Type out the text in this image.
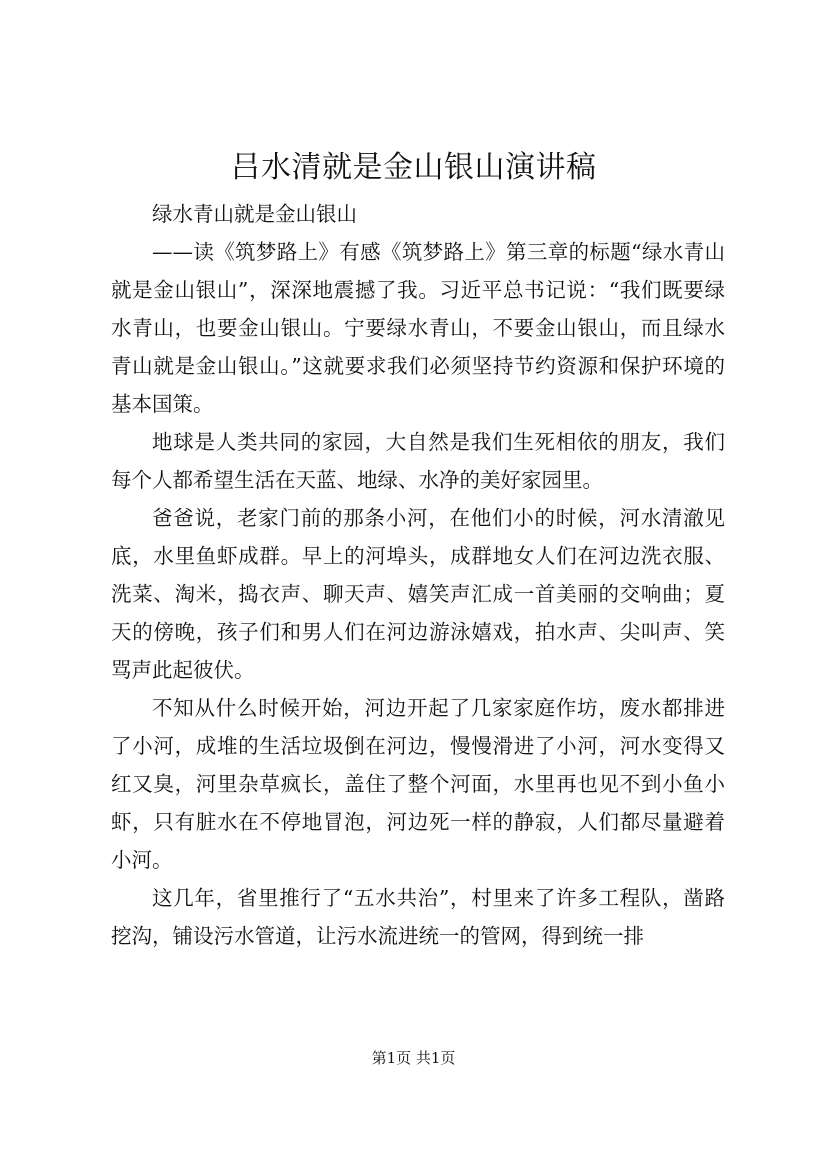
吕水清就是金山银山演讲稿

绿水青山就是金山银山

——读《筑梦路上》有感《筑梦路上》第三章的标题“绿水青山就是金山银山”，深深地震撼了我。习近平总书记说：“我们既要绿水青山，也要金山银山。宁要绿水青山，不要金山银山，而且绿水青山就是金山银山。”这就要求我们必须坚持节约资源和保护环境的基本国策。

地球是人类共同的家园，大自然是我们生死相依的朋友，我们每个人都希望生活在天蓝、地绿、水净的美好家园里。

爸爸说，老家门前的那条小河，在他们小的时候，河水清澈见底，水里鱼虾成群。早上的河埠头，成群地女人们在河边洗衣服、洗菜、淘米，捣衣声、聊天声、嬉笑声汇成一首美丽的交响曲；夏天的傍晚，孩子们和男人们在河边游泳嬉戏，拍水声、尖叫声、笑骂声此起彼伏。

不知从什么时候开始，河边开起了几家家庭作坊，废水都排进了小河，成堆的生活垃圾倒在河边，慢慢滑进了小河，河水变得又红又臭，河里杂草疯长，盖住了整个河面，水里再也见不到小鱼小虾，只有脏水在不停地冒泡，河边死一样的静寂，人们都尽量避着小河。

这几年，省里推行了“五水共治”，村里来了许多工程队，凿路挖沟，铺设污水管道，让污水流进统一的管网，得到统一排

第1页 共1页
